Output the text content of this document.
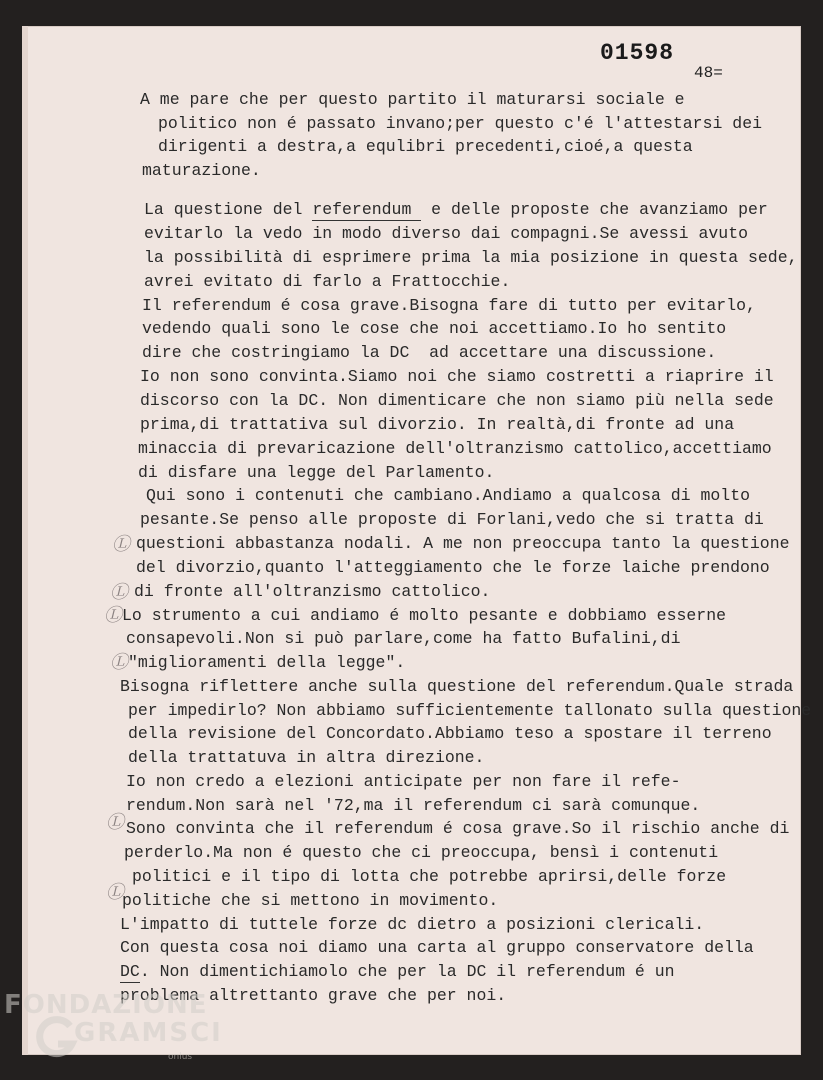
01598
48=
A me pare che per questo partito il maturarsi sociale e
politico non é passato invano;per questo c'é l'attestarsi dei
dirigenti a destra,a equlibri precedenti,cioé,a questa
maturazione.
La questione del referendum  e delle proposte che avanziamo per
evitarlo la vedo in modo diverso dai compagni.Se avessi avuto
la possibilità di esprimere prima la mia posizione in questa sede,
avrei evitato di farlo a Frattocchie.
Il referendum é cosa grave.Bisogna fare di tutto per evitarlo,
vedendo quali sono le cose che noi accettiamo.Io ho sentito
dire che costringiamo la DC  ad accettare una discussione.
Io non sono convinta.Siamo noi che siamo costretti a riaprire il
discorso con la DC. Non dimenticare che non siamo più nella sede
prima,di trattativa sul divorzio. In realtà,di fronte ad una
minaccia di prevaricazione dell'oltranzismo cattolico,accettiamo
di disfare una legge del Parlamento.
Qui sono i contenuti che cambiano.Andiamo a qualcosa di molto
pesante.Se penso alle proposte di Forlani,vedo che si tratta di
questioni abbastanza nodali. A me non preoccupa tanto la questione
del divorzio,quanto l'atteggiamento che le forze laiche prendono
di fronte all'oltranzismo cattolico.
Lo strumento a cui andiamo é molto pesante e dobbiamo esserne
consapevoli.Non si può parlare,come ha fatto Bufalini,di
"miglioramenti della legge".
Bisogna riflettere anche sulla questione del referendum.Quale strada
per impedirlo? Non abbiamo sufficientemente tallonato sulla questione
della revisione del Concordato.Abbiamo teso a spostare il terreno
della trattatuva in altra direzione.
Io non credo a elezioni anticipate per non fare il refe-
rendum.Non sarà nel '72,ma il referendum ci sarà comunque.
Sono convinta che il referendum é cosa grave.So il rischio anche di
perderlo.Ma non é questo che ci preoccupa, bensì i contenuti
politici e il tipo di lotta che potrebbe aprirsi,delle forze
politiche che si mettono in movimento.
L'impatto di tuttele forze dc dietro a posizioni clericali.
Con questa cosa noi diamo una carta al gruppo conservatore della
DC. Non dimentichiamolo che per la DC il referendum é un
problema altrettanto grave che per noi.
Ⓛ
Ⓛ
Ⓛ
Ⓛ
Ⓛ
Ⓛ
FONDAZIONE
GRAMSCI
onlus
